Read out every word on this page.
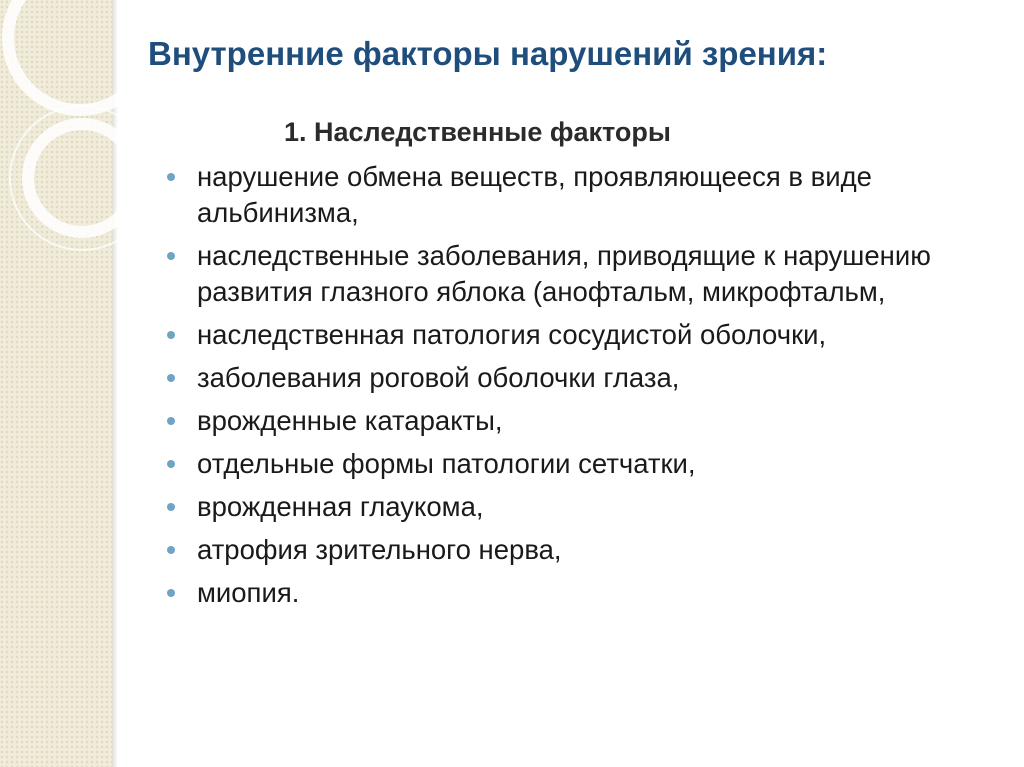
Внутренние факторы нарушений зрения:
1. Наследственные факторы
нарушение обмена веществ, проявляющееся в виде альбинизма,
наследственные заболевания, приводящие к нарушению развития глазного яблока (анофтальм, микрофтальм,
наследственная патология сосудистой оболочки,
заболевания роговой оболочки глаза,
врожденные катаракты,
отдельные формы патологии сетчатки,
врожденная глаукома,
атрофия зрительного нерва,
миопия.
